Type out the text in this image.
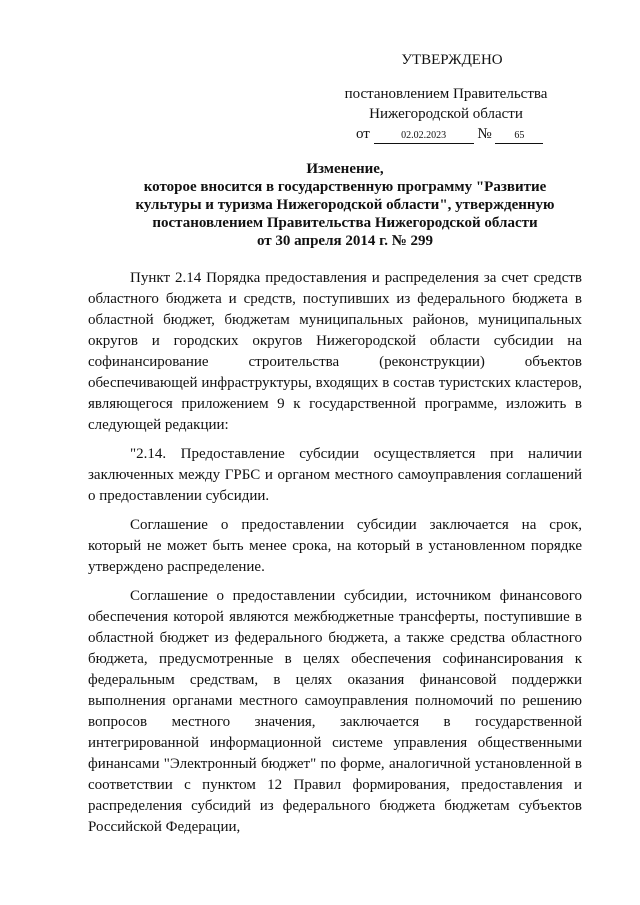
УТВЕРЖДЕНО
постановлением Правительства
Нижегородской области
от	02.02.2023 № 65
Изменение,
которое вносится в государственную программу "Развитие
культуры и туризма Нижегородской области", утвержденную
постановлением Правительства Нижегородской области
от 30 апреля 2014 г. № 299

Пункт 2.14 Порядка предоставления и распределения за счет средств областного бюджета и средств, поступивших из федерального бюджета в областной бюджет, бюджетам муниципальных районов, муниципальных округов и городских округов Нижегородской области субсидии на софинансирование строительства (реконструкции) объектов обеспечивающей инфраструктуры, входящих в состав туристских кластеров, являющегося приложением 9 к государственной программе, изложить в следующей редакции:

"2.14. Предоставление субсидии осуществляется при наличии заключенных между ГРБС и органом местного самоуправления соглашений о предоставлении субсидии.

Соглашение о предоставлении субсидии заключается на срок, который не может быть менее срока, на который в установленном порядке утверждено распределение.

Соглашение о предоставлении субсидии, источником финансового обеспечения которой являются межбюджетные трансферты, поступившие в областной бюджет из федерального бюджета, а также средства областного бюджета, предусмотренные в целях обеспечения софинансирования к федеральным средствам, в целях оказания финансовой поддержки выполнения органами местного самоуправления полномочий по решению вопросов местного значения, заключается в государственной интегрированной информационной системе управления общественными финансами "Электронный бюджет" по форме, аналогичной установленной в соответствии с пунктом 12 Правил формирования, предоставления и распределения субсидий из федерального бюджета бюджетам субъектов Российской Федерации,
